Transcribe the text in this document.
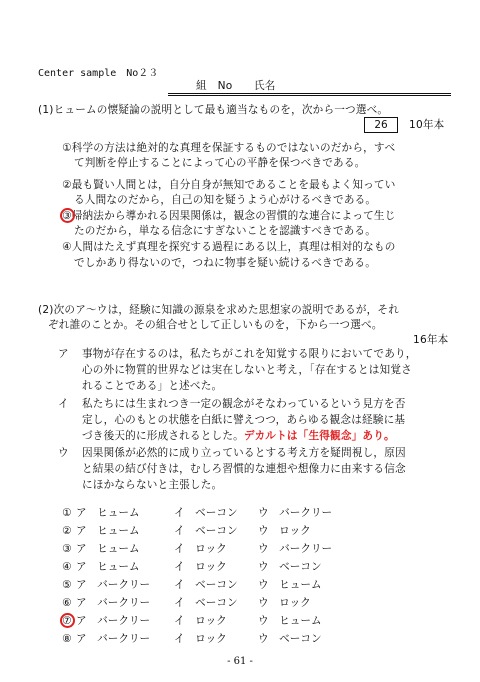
Center sample　No２３
組　No　　氏名
(1)ヒュームの懐疑論の説明として最も適当なものを，次から一つ選べ。
26	10年本
①科学の方法は絶対的な真理を保証するものではないのだから，すべ
て判断を停止することによって心の平静を保つべきである。
②最も賢い人間とは，自分自身が無知であることを最もよく知ってい
る人間なのだから，自己の知を疑うよう心がけるべきである。
③帰納法から導かれる因果関係は，観念の習慣的な連合によって生じ
たのだから，単なる信念にすぎないことを認識すべきである。
④人間はたえず真理を探究する過程にある以上，真理は相対的なもの
でしかあり得ないので，つねに物事を疑い続けるべきである。
(2)次のア～ウは，経験に知識の源泉を求めた思想家の説明であるが，それ
ぞれ誰のことか。その組合せとして正しいものを，下から一つ選べ。
16年本
ア 事物が存在するのは，私たちがこれを知覚する限りにおいてであり，
心の外に物質的世界などは実在しないと考え，「存在するとは知覚さ
れることである」と述べた。
イ 私たちには生まれつき一定の観念がそなわっているという見方を否
定し，心のもとの状態を白紙に譬えつつ，あらゆる観念は経験に基
づき後天的に形成されるとした。デカルトは「生得観念」あり。
ウ 因果関係が必然的に成り立っているとする考え方を疑問視し，原因
と結果の結び付きは，むしろ習慣的な連想や想像力に由来する信念
にほかならないと主張した。
① ア　ヒューム	イ　ベーコン ウ　バークリー
② ア　ヒューム	イ　ベーコン ウ　ロック
③ ア　ヒューム	イ　ロック	ウ　バークリー
④ ア　ヒューム	イ　ロック	ウ　ベーコン
⑤ ア　バークリー イ　ベーコン ウ　ヒューム
⑥ ア　バークリー イ　ベーコン ウ　ロック
⑦ ア　バークリー イ　ロック	ウ　ヒューム
⑧ ア　バークリー イ　ロック	ウ　ベーコン
- 61 -
